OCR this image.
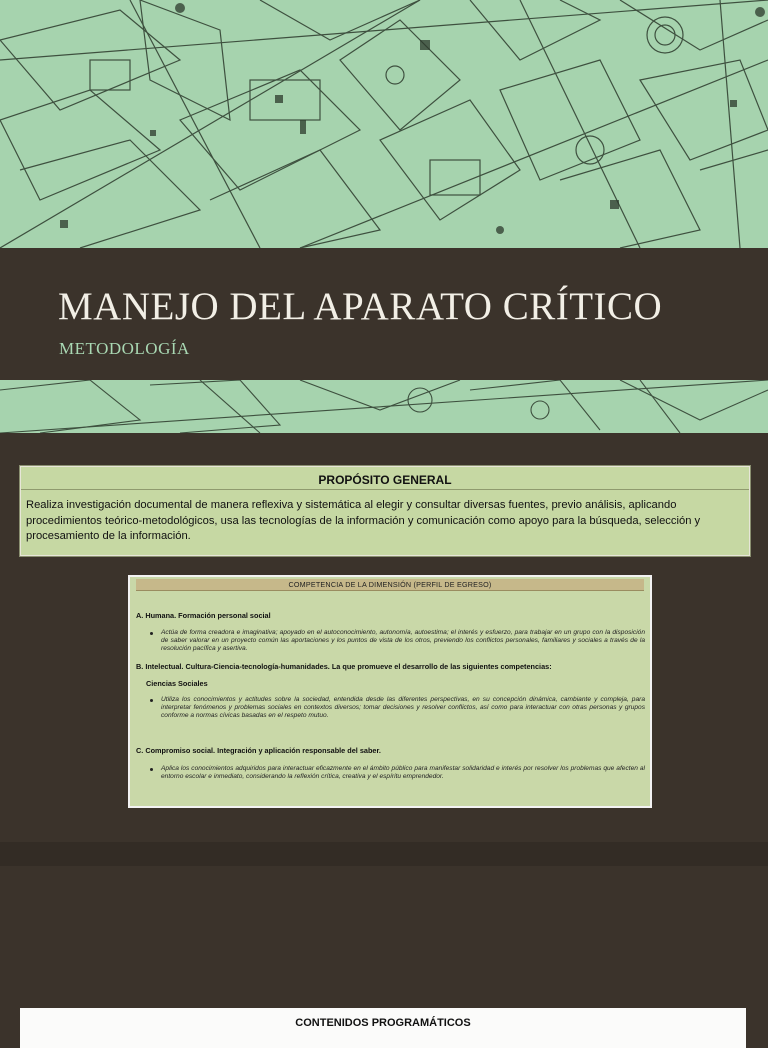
MANEJO DEL APARATO CRÍTICO
METODOLOGÍA
PROPÓSITO GENERAL

Realiza investigación documental de manera reflexiva y sistemática al elegir y consultar diversas fuentes, previo análisis, aplicando procedimientos teórico-metodológicos, usa las tecnologías de la información y comunicación como apoyo para la búsqueda, selección y procesamiento de la información.

COMPETENCIA DE LA DIMENSIÓN (PERFIL DE EGRESO)
A. Humana. Formación personal social

Actúa de forma creadora e imaginativa; apoyado en el autoconocimiento, autonomía, autoestima; el interés y esfuerzo, para trabajar en un grupo con la disposición de saber valorar en un proyecto común las aportaciones y los puntos de vista de los otros, previendo los conflictos personales, familiares y sociales a través de la resolución pacífica y asertiva.

B. Intelectual. Cultura-Ciencia-tecnología-humanidades. La que promueve el desarrollo de las siguientes competencias:
Ciencias Sociales

Utiliza los conocimientos y actitudes sobre la sociedad, entendida desde las diferentes perspectivas, en su concepción dinámica, cambiante y compleja, para interpretar fenómenos y problemas sociales en contextos diversos; tomar decisiones y resolver conflictos, así como para interactuar con otras personas y grupos conforme a normas cívicas basadas en el respeto mutuo.

C. Compromiso social. Integración y aplicación responsable del saber.

Aplica los conocimientos adquiridos para interactuar eficazmente en el ámbito público para manifestar solidaridad e interés por resolver los problemas que afecten al entorno escolar e inmediato, considerando la reflexión crítica, creativa y el espíritu emprendedor.

CONTENIDOS PROGRAMÁTICOS
